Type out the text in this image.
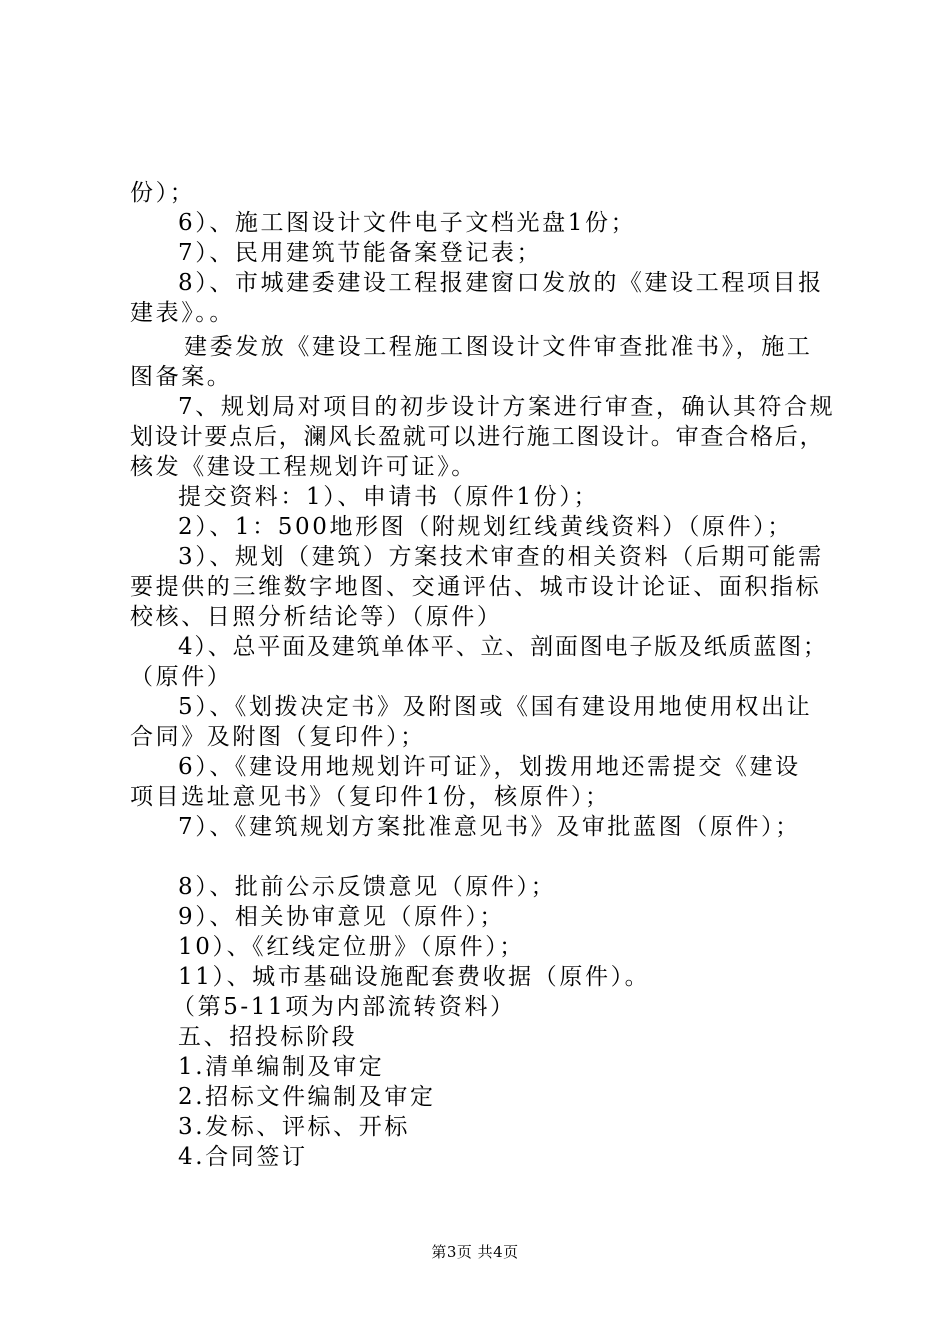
份）；
6）、施工图设计文件电子文档光盘1份；
7）、民用建筑节能备案登记表；
8）、市城建委建设工程报建窗口发放的《建设工程项目报
建表》。。
建委发放《建设工程施工图设计文件审查批准书》，施工
图备案。
7、规划局对项目的初步设计方案进行审查，确认其符合规
划设计要点后，澜风长盈就可以进行施工图设计。审查合格后，
核发《建设工程规划许可证》。
提交资料：1）、申请书（原件1份）；
2）、1：500地形图（附规划红线黄线资料）（原件）；
3）、规划（建筑）方案技术审查的相关资料（后期可能需
要提供的三维数字地图、交通评估、城市设计论证、面积指标
校核、日照分析结论等）（原件）
4）、总平面及建筑单体平、立、剖面图电子版及纸质蓝图；
（原件）
5）、《划拨决定书》及附图或《国有建设用地使用权出让
合同》及附图（复印件）；
6）、《建设用地规划许可证》，划拨用地还需提交《建设
项目选址意见书》（复印件1份，核原件）；
7）、《建筑规划方案批准意见书》及审批蓝图（原件）；
8）、批前公示反馈意见（原件）；
9）、相关协审意见（原件）；
10）、《红线定位册》（原件）；
11）、城市基础设施配套费收据（原件）。
（第5-11项为内部流转资料）
五、招投标阶段
1.清单编制及审定
2.招标文件编制及审定
3.发标、评标、开标
4.合同签订
第3页 共4页
